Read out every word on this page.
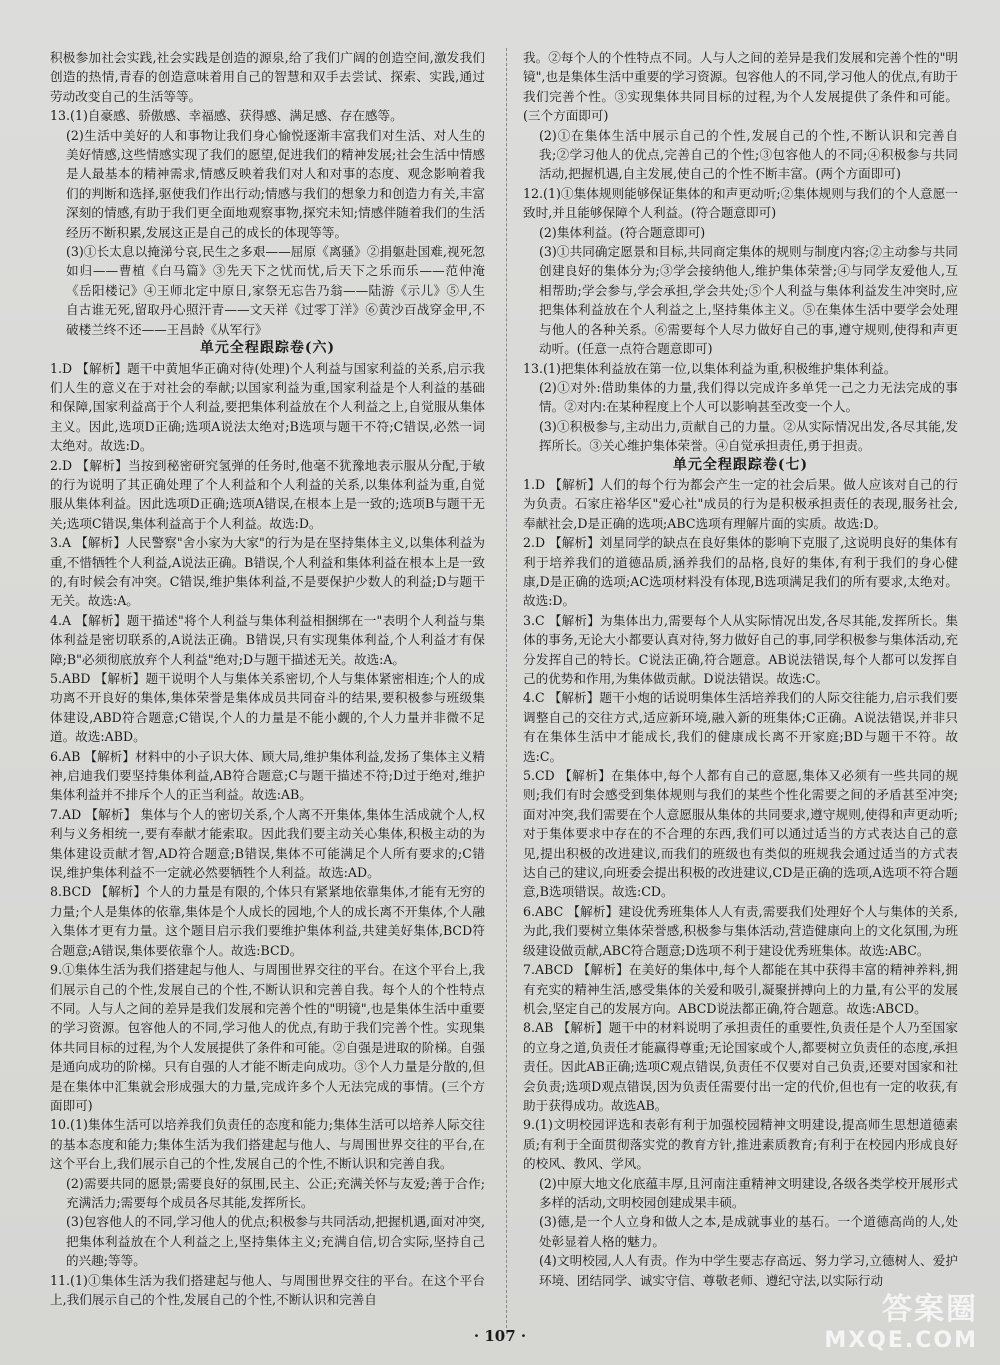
积极参加社会实践,社会实践是创造的源泉,给了我们广阔的创造空间,激发我们创造的热情,青春的创造意味着用自己的智慧和双手去尝试、探索、实践,通过劳动改变自己的生活等等。

13.(1)自豪感、骄傲感、幸福感、获得感、满足感、存在感等。

(2)生活中美好的人和事物让我们身心愉悦逐渐丰富我们对生活、对人生的美好情感,这些情感实现了我们的愿望,促进我们的精神发展;社会生活中情感是人最基本的精神需求,情感反映着我们对人和对事的态度、观念影响着我们的判断和选择,驱使我们作出行动;情感与我们的想象力和创造力有关,丰富深刻的情感,有助于我们更全面地观察事物,探究未知;情感伴随着我们的生活经历不断积累,发展这正是自己的成长的体现等等。

(3)①长太息以掩涕兮哀,民生之多艰——屈原《离骚》②捐躯赴国难,视死忽如归——曹植《白马篇》③先天下之忧而忧,后天下之乐而乐——范仲淹《岳阳楼记》④王师北定中原日,家祭无忘告乃翁——陆游《示儿》⑤人生自古谁无死,留取丹心照汗青——文天祥《过零丁洋》⑥黄沙百战穿金甲,不破楼兰终不还——王昌龄《从军行》

单元全程跟踪卷(六)

1.D 【解析】题干中黄旭华正确对待(处理)个人利益与国家利益的关系,启示我们人生的意义在于对社会的奉献;以国家利益为重,国家利益是个人利益的基础和保障,国家利益高于个人利益,要把集体利益放在个人利益之上,自觉服从集体主义。因此,选项D正确;选项A说法太绝对;B选项与题干不符;C错误,必然一词太绝对。故选:D。

2.D 【解析】当按到秘密研究氢弹的任务时,他毫不犹豫地表示服从分配,于敏的行为说明了其正确处理了个人利益和个人利益的关系,以集体利益为重,自觉服从集体利益。因此选项D正确;选项A错误,在根本上是一致的;选项B与题干无关;选项C错误,集体利益高于个人利益。故选:D。

3.A 【解析】人民警察"舍小家为大家"的行为是在坚持集体主义,以集体利益为重,不惜牺牲个人利益,A说法正确。B错误,个人利益和集体利益在根本上是一致的,有时候会有冲突。C错误,维护集体利益,不是要保护少数人的利益;D与题干无关。故选:A。

4.A 【解析】题干描述"将个人利益与集体利益相捆绑在一"表明个人利益与集体利益是密切联系的,A说法正确。B错误,只有实现集体利益,个人利益才有保障;B"必须彻底放弃个人利益"绝对;D与题干描述无关。故选:A。

5.ABD 【解析】题干说明个人与集体关系密切,个人与集体紧密相连;个人的成功离不开良好的集体,集体荣誉是集体成员共同奋斗的结果,要积极参与班级集体建设,ABD符合题意;C错误,个人的力量是不能小觑的,个人力量并非微不足道。故选:ABD。

6.AB 【解析】材料中的小子识大体、顾大局,维护集体利益,发扬了集体主义精神,启迪我们要坚持集体利益,AB符合题意;C与题干描述不符;D过于绝对,维护集体利益并不排斥个人的正当利益。故选:AB。

7.AD 【解析】 集体与个人的密切关系,个人离不开集体,集体生活成就个人,权利与义务相统一,要有奉献才能索取。因此我们要主动关心集体,积极主动的为集体建设贡献才智,AD符合题意;B错误,集体不可能满足个人所有要求的;C错误,维护集体利益不一定就必然要牺牲个人利益。故选:AD。

8.BCD 【解析】个人的力量是有限的,个体只有紧紧地依靠集体,才能有无穷的力量;个人是集体的依靠,集体是个人成长的园地,个人的成长离不开集体,个人融入集体才更有力量。这个题目启示我们要维护集体利益,共建美好集体,BCD符合题意;A错误,集体要依靠个人。故选:BCD。

9.①集体生活为我们搭建起与他人、与周围世界交往的平台。在这个平台上,我们展示自己的个性,发展自己的个性,不断认识和完善自我。每个人的个性特点不同。人与人之间的差异是我们发展和完善个性的"明镜",也是集体生活中重要的学习资源。包容他人的不同,学习他人的优点,有助于我们完善个性。实现集体共同目标的过程,为个人发展提供了条件和可能。②自强是进取的阶梯。自强是通向成功的阶梯。只有自强的人才能不断走向成功。③个人力量是分散的,但是在集体中汇集就会形成强大的力量,完成许多个人无法完成的事情。(三个方面即可)

10.(1)集体生活可以培养我们负责任的态度和能力;集体生活可以培养人际交往的基本态度和能力;集体生活为我们搭建起与他人、与周围世界交往的平台,在这个平台上,我们展示自己的个性,发展自己的个性,不断认识和完善自我。

(2)需要共同的愿景;需要良好的氛围,民主、公正;充满关怀与友爱;善于合作;充满活力;需要每个成员各尽其能,发挥所长。

(3)包容他人的不同,学习他人的优点;积极参与共同活动,把握机遇,面对冲突,把集体利益放在个人利益之上,坚持集体主义;充满自信,切合实际,坚持自己的兴趣;等等。

11.(1)①集体生活为我们搭建起与他人、与周围世界交往的平台。在这个平台上,我们展示自己的个性,发展自己的个性,不断认识和完善自

我。②每个人的个性特点不同。人与人之间的差异是我们发展和完善个性的"明镜",也是集体生活中重要的学习资源。包容他人的不同,学习他人的优点,有助于我们完善个性。③实现集体共同目标的过程,为个人发展提供了条件和可能。(三个方面即可)

(2)①在集体生活中展示自己的个性,发展自己的个性,不断认识和完善自我;②学习他人的优点,完善自己的个性;③包容他人的不同;④积极参与共同活动,把握机遇,自主发展,使自己的个性不断丰富。(两个方面即可)

12.(1)①集体规则能够保证集体的和声更动听;②集体规则与我们的个人意愿一致时,并且能够保障个人利益。(符合题意即可)

(2)集体利益。(符合题意即可)

(3)①共同确定愿景和目标,共同商定集体的规则与制度内容;②主动参与共同创建良好的集体分为;③学会接纳他人,维护集体荣誉;④与同学友爱他人,互相帮助;学会参与,学会承担,学会共处;⑤个人利益与集体利益发生冲突时,应把集体利益放在个人利益之上,坚持集体主义。⑤在集体生活中要学会处理与他人的各种关系。⑥需要每个人尽力做好自己的事,遵守规则,使得和声更动听。(任意一点符合题意即可)

13.(1)把集体利益放在第一位,以集体利益为重,积极维护集体利益。

(2)①对外:借助集体的力量,我们得以完成许多单凭一己之力无法完成的事情。②对内:在某种程度上个人可以影响甚至改变一个人。

(3)①积极参与,主动出力,贡献自己的力量。②从实际情况出发,各尽其能,发挥所长。③关心维护集体荣誉。④自觉承担责任,勇于担责。

单元全程跟踪卷(七)

1.D 【解析】人们的每个行为都会产生一定的社会后果。做人应该对自己的行为负责。石家庄裕华区"爱心社"成员的行为是积极承担责任的表现,服务社会,奉献社会,D是正确的选项;ABC选项有理解片面的实质。故选:D。

2.D 【解析】刘星同学的缺点在良好集体的影响下克服了,这说明良好的集体有利于培养我们的道德品质,涵养我们的品格,良好的集体,有利于我们的身心健康,D是正确的选项;AC选项材料没有体现,B选项满足我们的所有要求,太绝对。故选:D。

3.C 【解析】为集体出力,需要每个人从实际情况出发,各尽其能,发挥所长。集体的事务,无论大小都要认真对待,努力做好自己的事,同学积极参与集体活动,充分发挥自己的特长。C说法正确,符合题意。AB说法错误,每个人都可以发挥自己的优势和作用,为集体做贡献。D说法错误。故选:C。

4.C 【解析】题干小炮的话说明集体生活培养我们的人际交往能力,启示我们要调整自己的交往方式,适应新环境,融入新的班集体;C正确。A说法错误,并非只有在集体生活中才能成长,我们的健康成长离不开家庭;BD与题干不符。故选:C。

5.CD 【解析】在集体中,每个人都有自己的意愿,集体又必须有一些共同的规则;我们有时会感受到集体规则与我们的某些个性化需要之间的矛盾甚至冲突;面对冲突,我们需要在个人意愿服从集体的共同要求,遵守规则,使得和声更动听;对于集体要求中存在的不合理的东西,我们可以通过适当的方式表达自己的意见,提出积极的改进建议,而我们的班级也有类似的班规我会通过适当的方式表达自己的建议,向班委会提出积极的改进建议,CD是正确的选项,A选项不符合题意,B选项错误。故选:CD。

6.ABC 【解析】建设优秀班集体人人有责,需要我们处理好个人与集体的关系,为此,我们要树立集体荣誉感,积极参与集体活动,营造健康向上的文化氛围,为班级建设做贡献,ABC符合题意;D选项不利于建设优秀班集体。故选:ABC。

7.ABCD 【解析】在美好的集体中,每个人都能在其中获得丰富的精神养料,拥有充实的精神生活,感受集体的关爱和吸引,凝聚拼搏向上的力量,有公平的发展机会,坚定自己的发展方向。ABCD说法都正确,符合题意。故选:ABCD。

8.AB 【解析】题干中的材料说明了承担责任的重要性,负责任是个人乃至国家的立身之道,负责任才能赢得尊重;无论国家或个人,都要树立负责任的态度,承担责任。因此AB正确;选项C观点错误,负责任不仅要对自己负责,还要对国家和社会负责;选项D观点错误,因为负责任需要付出一定的代价,但也有一定的收获,有助于获得成功。故选AB。

9.(1)文明校园评选和表彰有利于加强校园精神文明建设,提高师生思想道德素质;有利于全面贯彻落实党的教育方针,推进素质教育;有利于在校园内形成良好的校风、教风、学风。

(2)中原大地文化底蕴丰厚,且河南注重精神文明建设,各级各类学校开展形式多样的活动,文明校园创建成果丰硕。

(3)德,是一个人立身和做人之本,是成就事业的基石。一个道德高尚的人,处处彰显着人格的魅力。

(4)文明校园,人人有责。作为中学生要志存高远、努力学习,立德树人、爱护环境、团结同学、诚实守信、尊敬老师、遵纪守法,以实际行动

· 107 ·
答案圈
MXQE.COM
